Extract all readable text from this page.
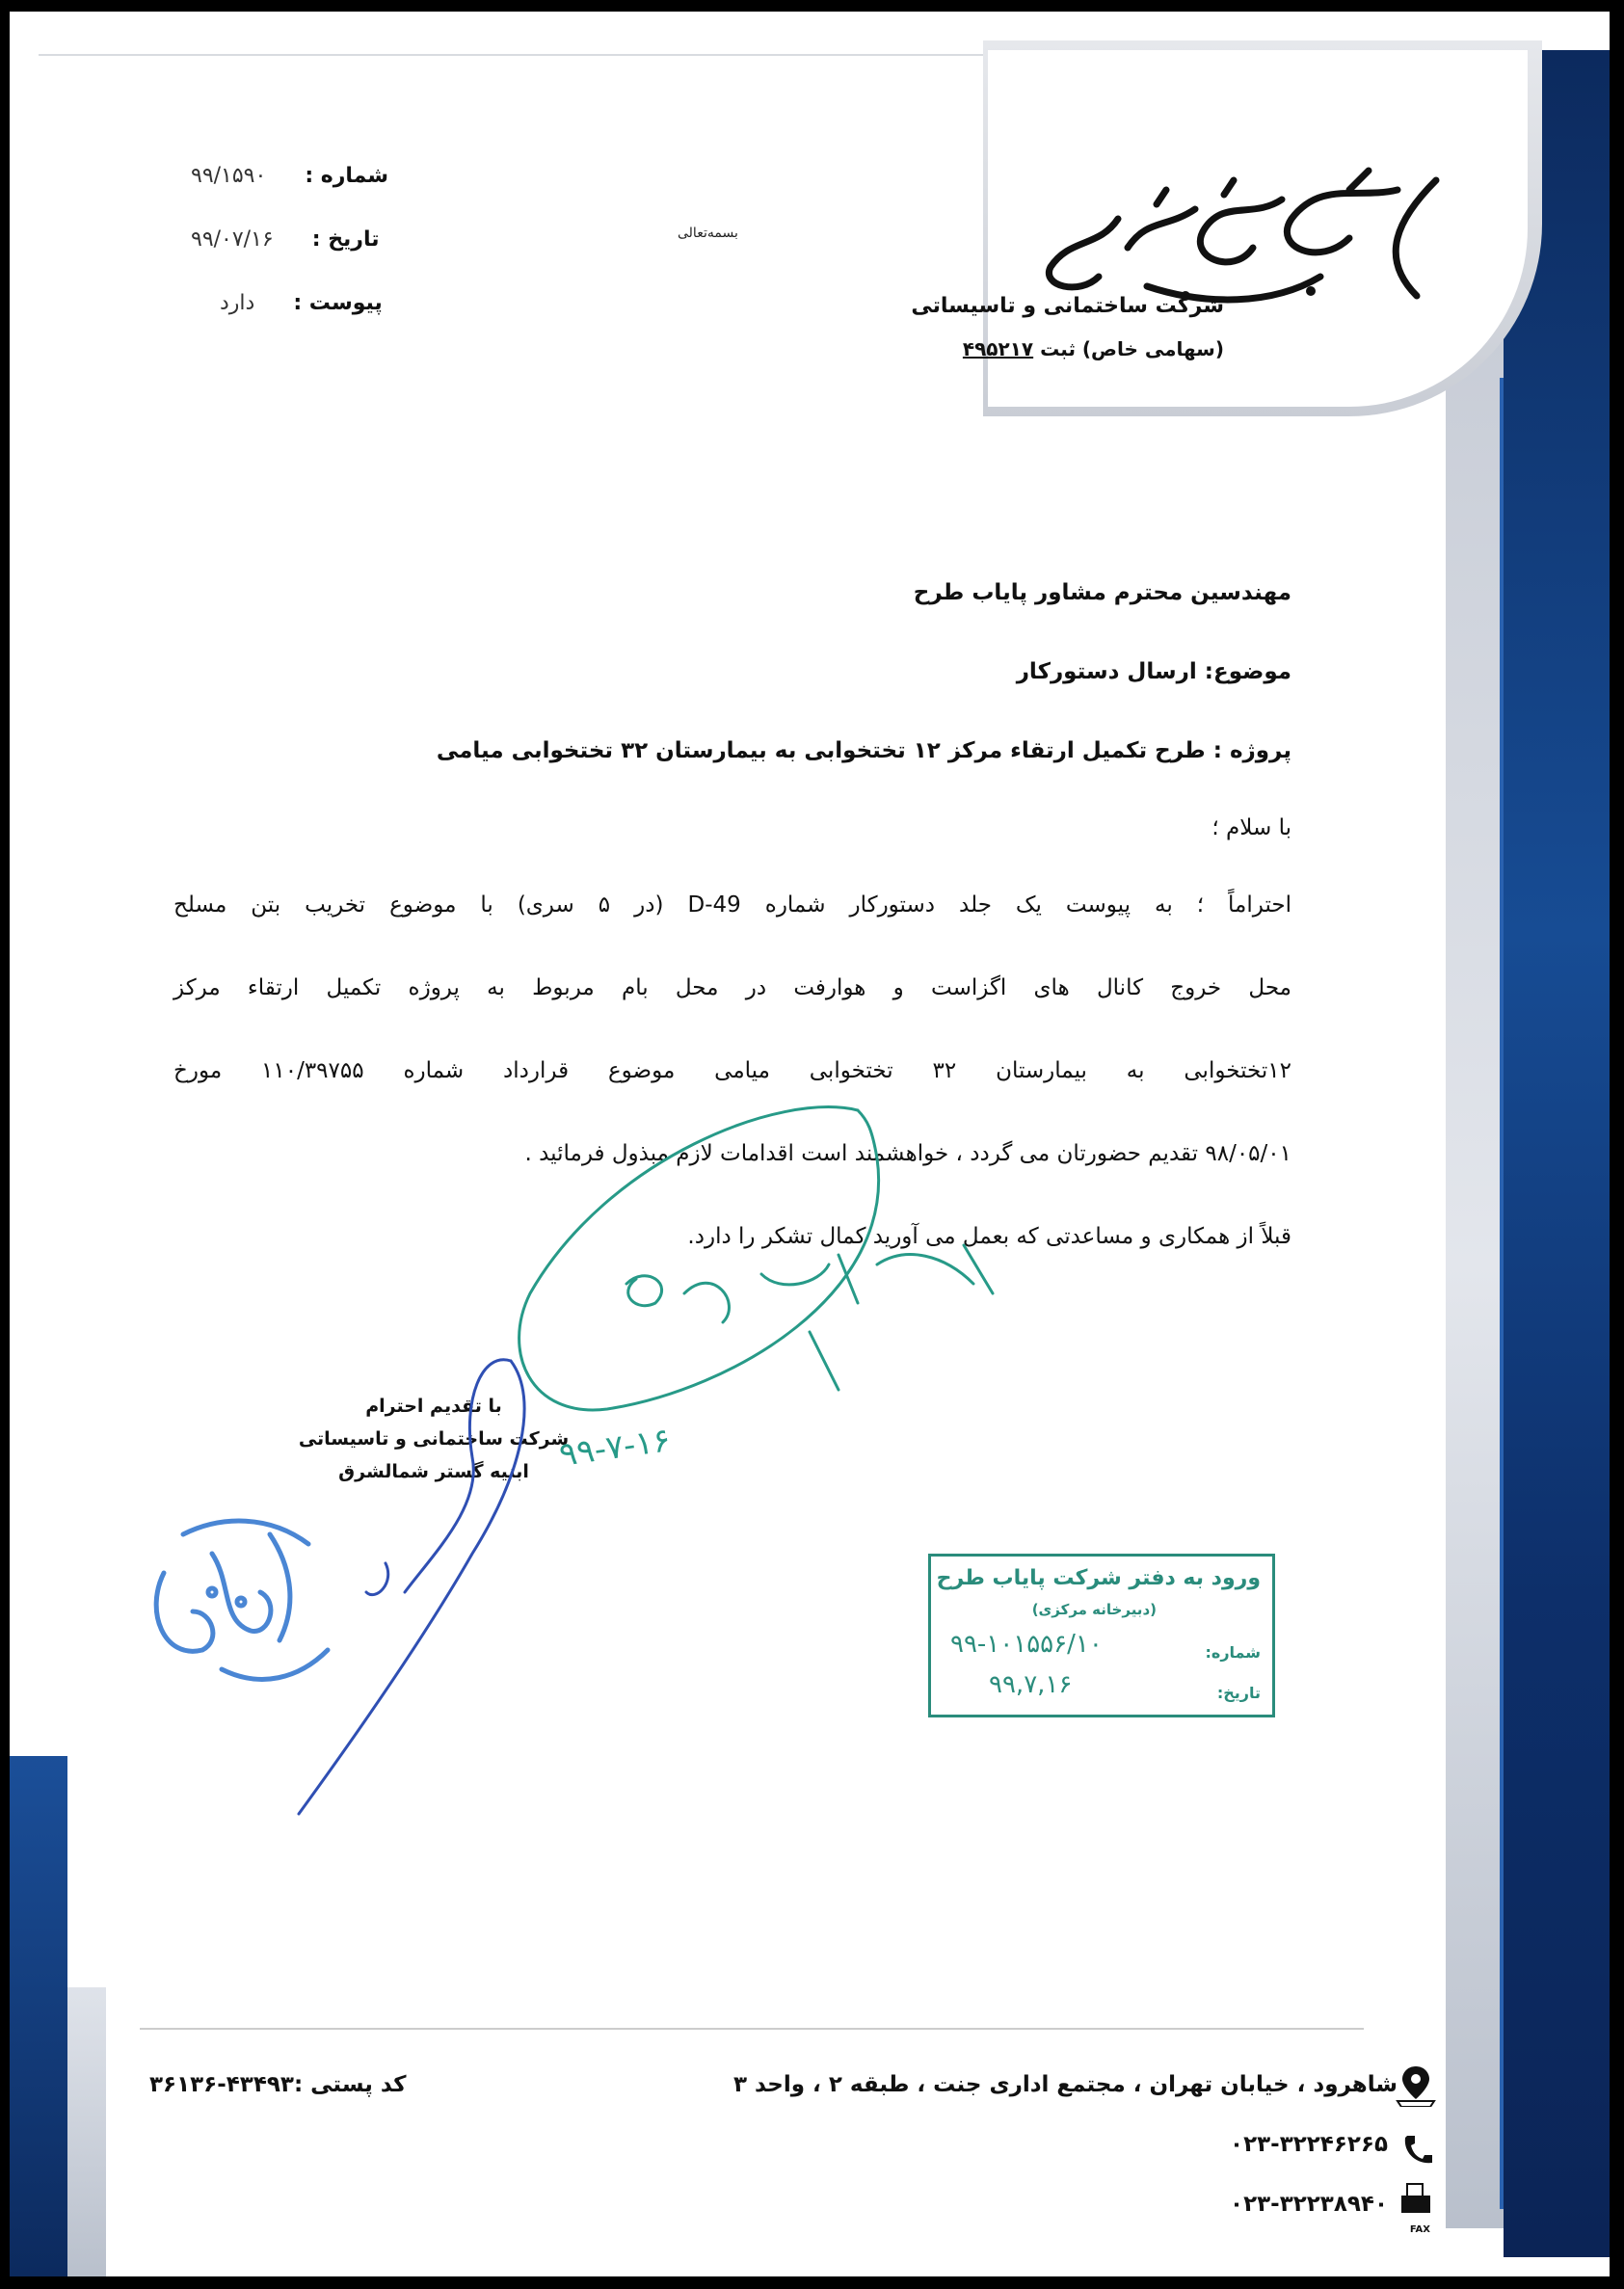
شرکت ساختمانی و تاسیساتی
(سهامی خاص) ثبت ۴۹۵۲۱۷
بسمه‌تعالی
شماره :
۹۹/۱۵۹۰
تاریخ :
۹۹/۰۷/۱۶
پیوست :
دارد
مهندسین محترم مشاور پایاب طرح
موضوع: ارسال دستورکار
پروژه : طرح تکمیل ارتقاء مرکز ۱۲ تختخوابی به بیمارستان ۳۲ تختخوابی میامی
با سلام ؛
احتراماً ؛ به پیوست یک جلد دستورکار شماره D-49 (در ۵ سری) با موضوع تخریب بتن مسلح
محل خروج کانال های اگزاست و هوارفت در محل بام مربوط به پروژه تکمیل ارتقاء مرکز
۱۲تختخوابی به بیمارستان ۳۲ تختخوابی میامی موضوع قرارداد شماره ۱۱۰/۳۹۷۵۵ مورخ
۹۸/۰۵/۰۱ تقدیم حضورتان می گردد ، خواهشمند است اقدامات لازم مبذول فرمائید .
قبلاً از همکاری و مساعدتی که بعمل می آورید کمال تشکر را دارد.
با تقدیم احترام
شرکت ساختمانی و تاسیساتی
ابنیه گستر شمالشرق ۹۹-۷-۱۶
ورود به دفتر شرکت پایاب طرح
(دبیرخانه مرکزی)
شماره:
تاریخ:
۹۹-۱۰۱۵۵۶/۱۰
۹۹,۷,۱۶
شاهرود ، خیابان تهران ، مجتمع اداری جنت ، طبقه ۲ ، واحد ۳
کد پستی :۴۳۴۹۳-۳۶۱۳۶
۰۲۳-۳۲۲۴۶۲۶۵
۰۲۳-۳۲۲۳۸۹۴۰
FAX
